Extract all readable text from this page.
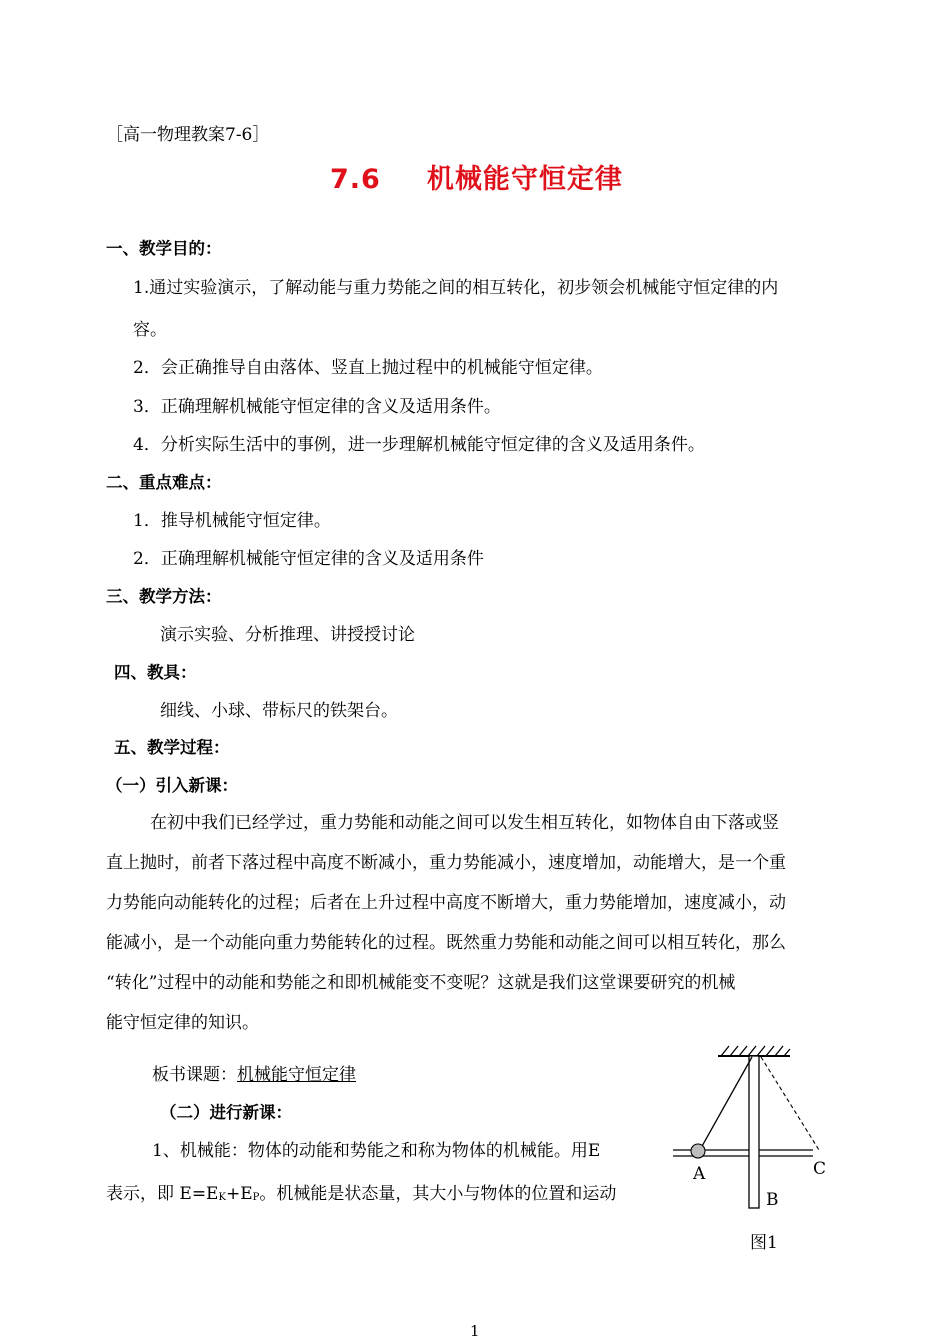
［高一物理教案7-6］
7.6 机械能守恒定律
一、教学目的：
1.通过实验演示，了解动能与重力势能之间的相互转化，初步领会机械能守恒定律的内
容。
2．会正确推导自由落体、竖直上抛过程中的机械能守恒定律。
3．正确理解机械能守恒定律的含义及适用条件。
4．分析实际生活中的事例，进一步理解机械能守恒定律的含义及适用条件。
二、重点难点：
1．推导机械能守恒定律。
2．正确理解机械能守恒定律的含义及适用条件
三、教学方法：
演示实验、分析推理、讲授授讨论
四、教具：
细线、小球、带标尺的铁架台。
五、教学过程：
（一）引入新课：
在初中我们已经学过，重力势能和动能之间可以发生相互转化，如物体自由下落或竖
直上抛时，前者下落过程中高度不断减小，重力势能减小，速度增加，动能增大，是一个重
力势能向动能转化的过程；后者在上升过程中高度不断增大，重力势能增加，速度减小，动
能减小，是一个动能向重力势能转化的过程。既然重力势能和动能之间可以相互转化，那么
“转化”过程中的动能和势能之和即机械能变不变呢？这就是我们这堂课要研究的机械
能守恒定律的知识。
板书课题：机械能守恒定律
（二）进行新课：
1、机械能：物体的动能和势能之和称为物体的机械能。用E
表示，即 $E=E_K+E_P$。机械能是状态量，其大小与物体的位置和运动
A
B
C
图1
1
